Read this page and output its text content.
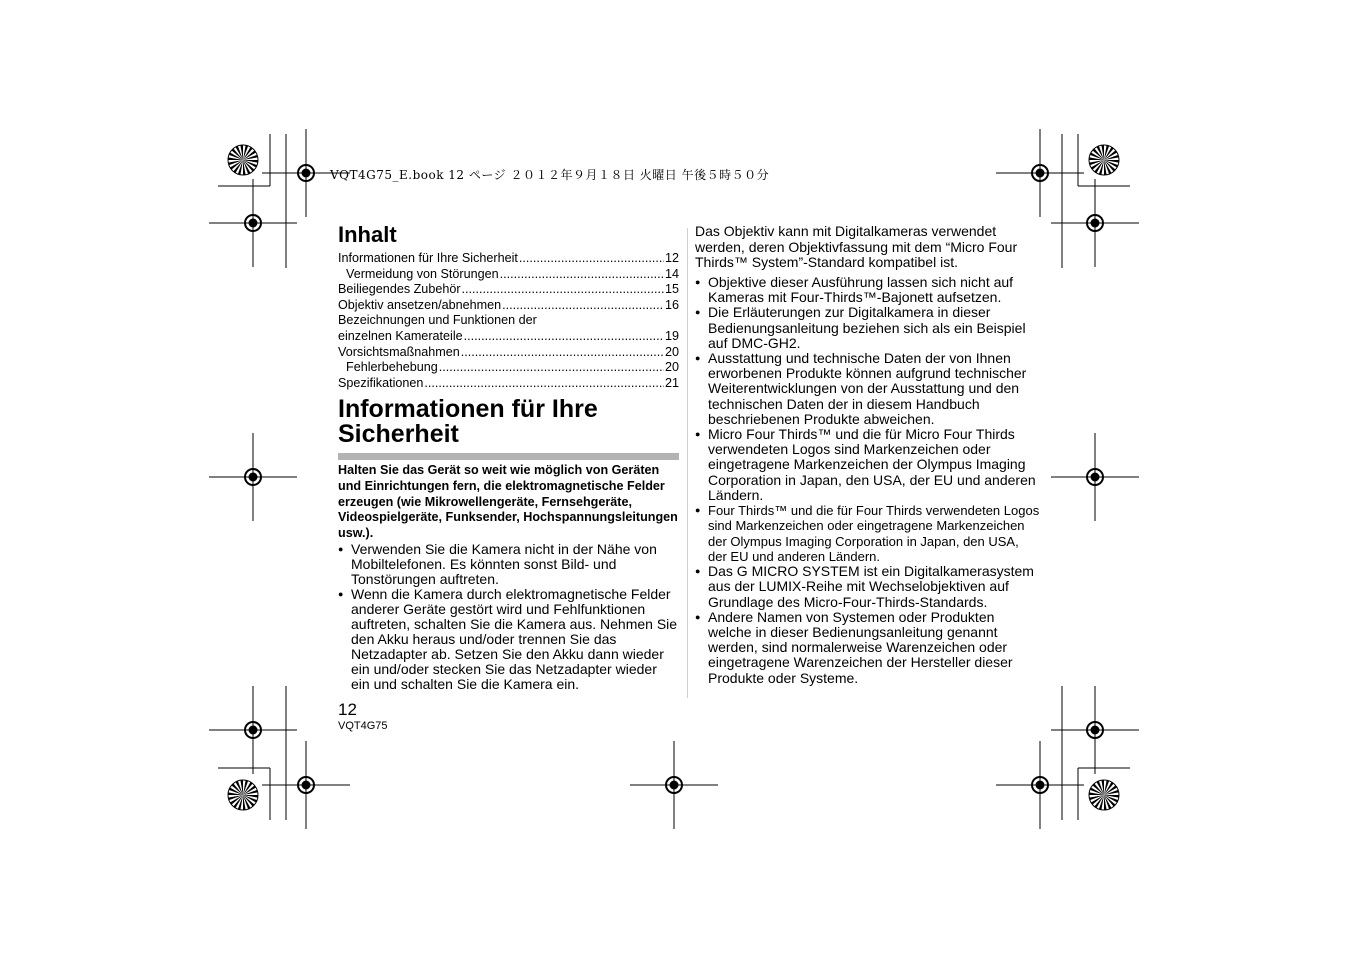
VQT4G75_E.book 12 ページ ２０１２年９月１８日 火曜日 午後５時５０分
Inhalt
Informationen für Ihre Sicherheit .....	12
Vermeidung von Störungen .....	14
Beiliegendes Zubehör .....	15
Objektiv ansetzen/abnehmen .....	16
Bezeichnungen und Funktionen der
einzelnen Kamerateile .....	19
Vorsichtsmaßnahmen .....	20
Fehlerbehebung .....	20
Spezifikationen .....	21
Informationen für Ihre Sicherheit
Halten Sie das Gerät so weit wie möglich von Geräten und Einrichtungen fern, die elektromagnetische Felder erzeugen (wie Mikrowellengeräte, Fernsehgeräte, Videospielgeräte, Funksender, Hochspannungsleitungen usw.).
● Verwenden Sie die Kamera nicht in der Nähe von Mobiltelefonen. Es könnten sonst Bild- und Tonstörungen auftreten.
● Wenn die Kamera durch elektromagnetische Felder anderer Geräte gestört wird und Fehlfunktionen auftreten, schalten Sie die Kamera aus. Nehmen Sie den Akku heraus und/oder trennen Sie das Netzadapter ab. Setzen Sie den Akku dann wieder ein und/oder stecken Sie das Netzadapter wieder ein und schalten Sie die Kamera ein.

Das Objektiv kann mit Digitalkameras verwendet werden, deren Objektivfassung mit dem “Micro Four Thirds™ System”-Standard kompatibel ist.

● Objektive dieser Ausführung lassen sich nicht auf Kameras mit Four-Thirds™-Bajonett aufsetzen.
● Die Erläuterungen zur Digitalkamera in dieser Bedienungsanleitung beziehen sich als ein Beispiel auf DMC-GH2.
● Ausstattung und technische Daten der von Ihnen erworbenen Produkte können aufgrund technischer Weiterentwicklungen von der Ausstattung und den technischen Daten der in diesem Handbuch beschriebenen Produkte abweichen.
● Micro Four Thirds™ und die für Micro Four Thirds verwendeten Logos sind Markenzeichen oder eingetragene Markenzeichen der Olympus Imaging Corporation in Japan, den USA, der EU und anderen Ländern.
● Four Thirds™ und die für Four Thirds verwendeten Logos sind Markenzeichen oder eingetragene Markenzeichen der Olympus Imaging Corporation in Japan, den USA, der EU und anderen Ländern.
● Das G MICRO SYSTEM ist ein Digitalkamerasystem aus der LUMIX-Reihe mit Wechselobjektiven auf Grundlage des Micro-Four-Thirds-Standards.
● Andere Namen von Systemen oder Produkten welche in dieser Bedienungsanleitung genannt werden, sind normalerweise Warenzeichen oder eingetragene Warenzeichen der Hersteller dieser Produkte oder Systeme.
12
VQT4G75
